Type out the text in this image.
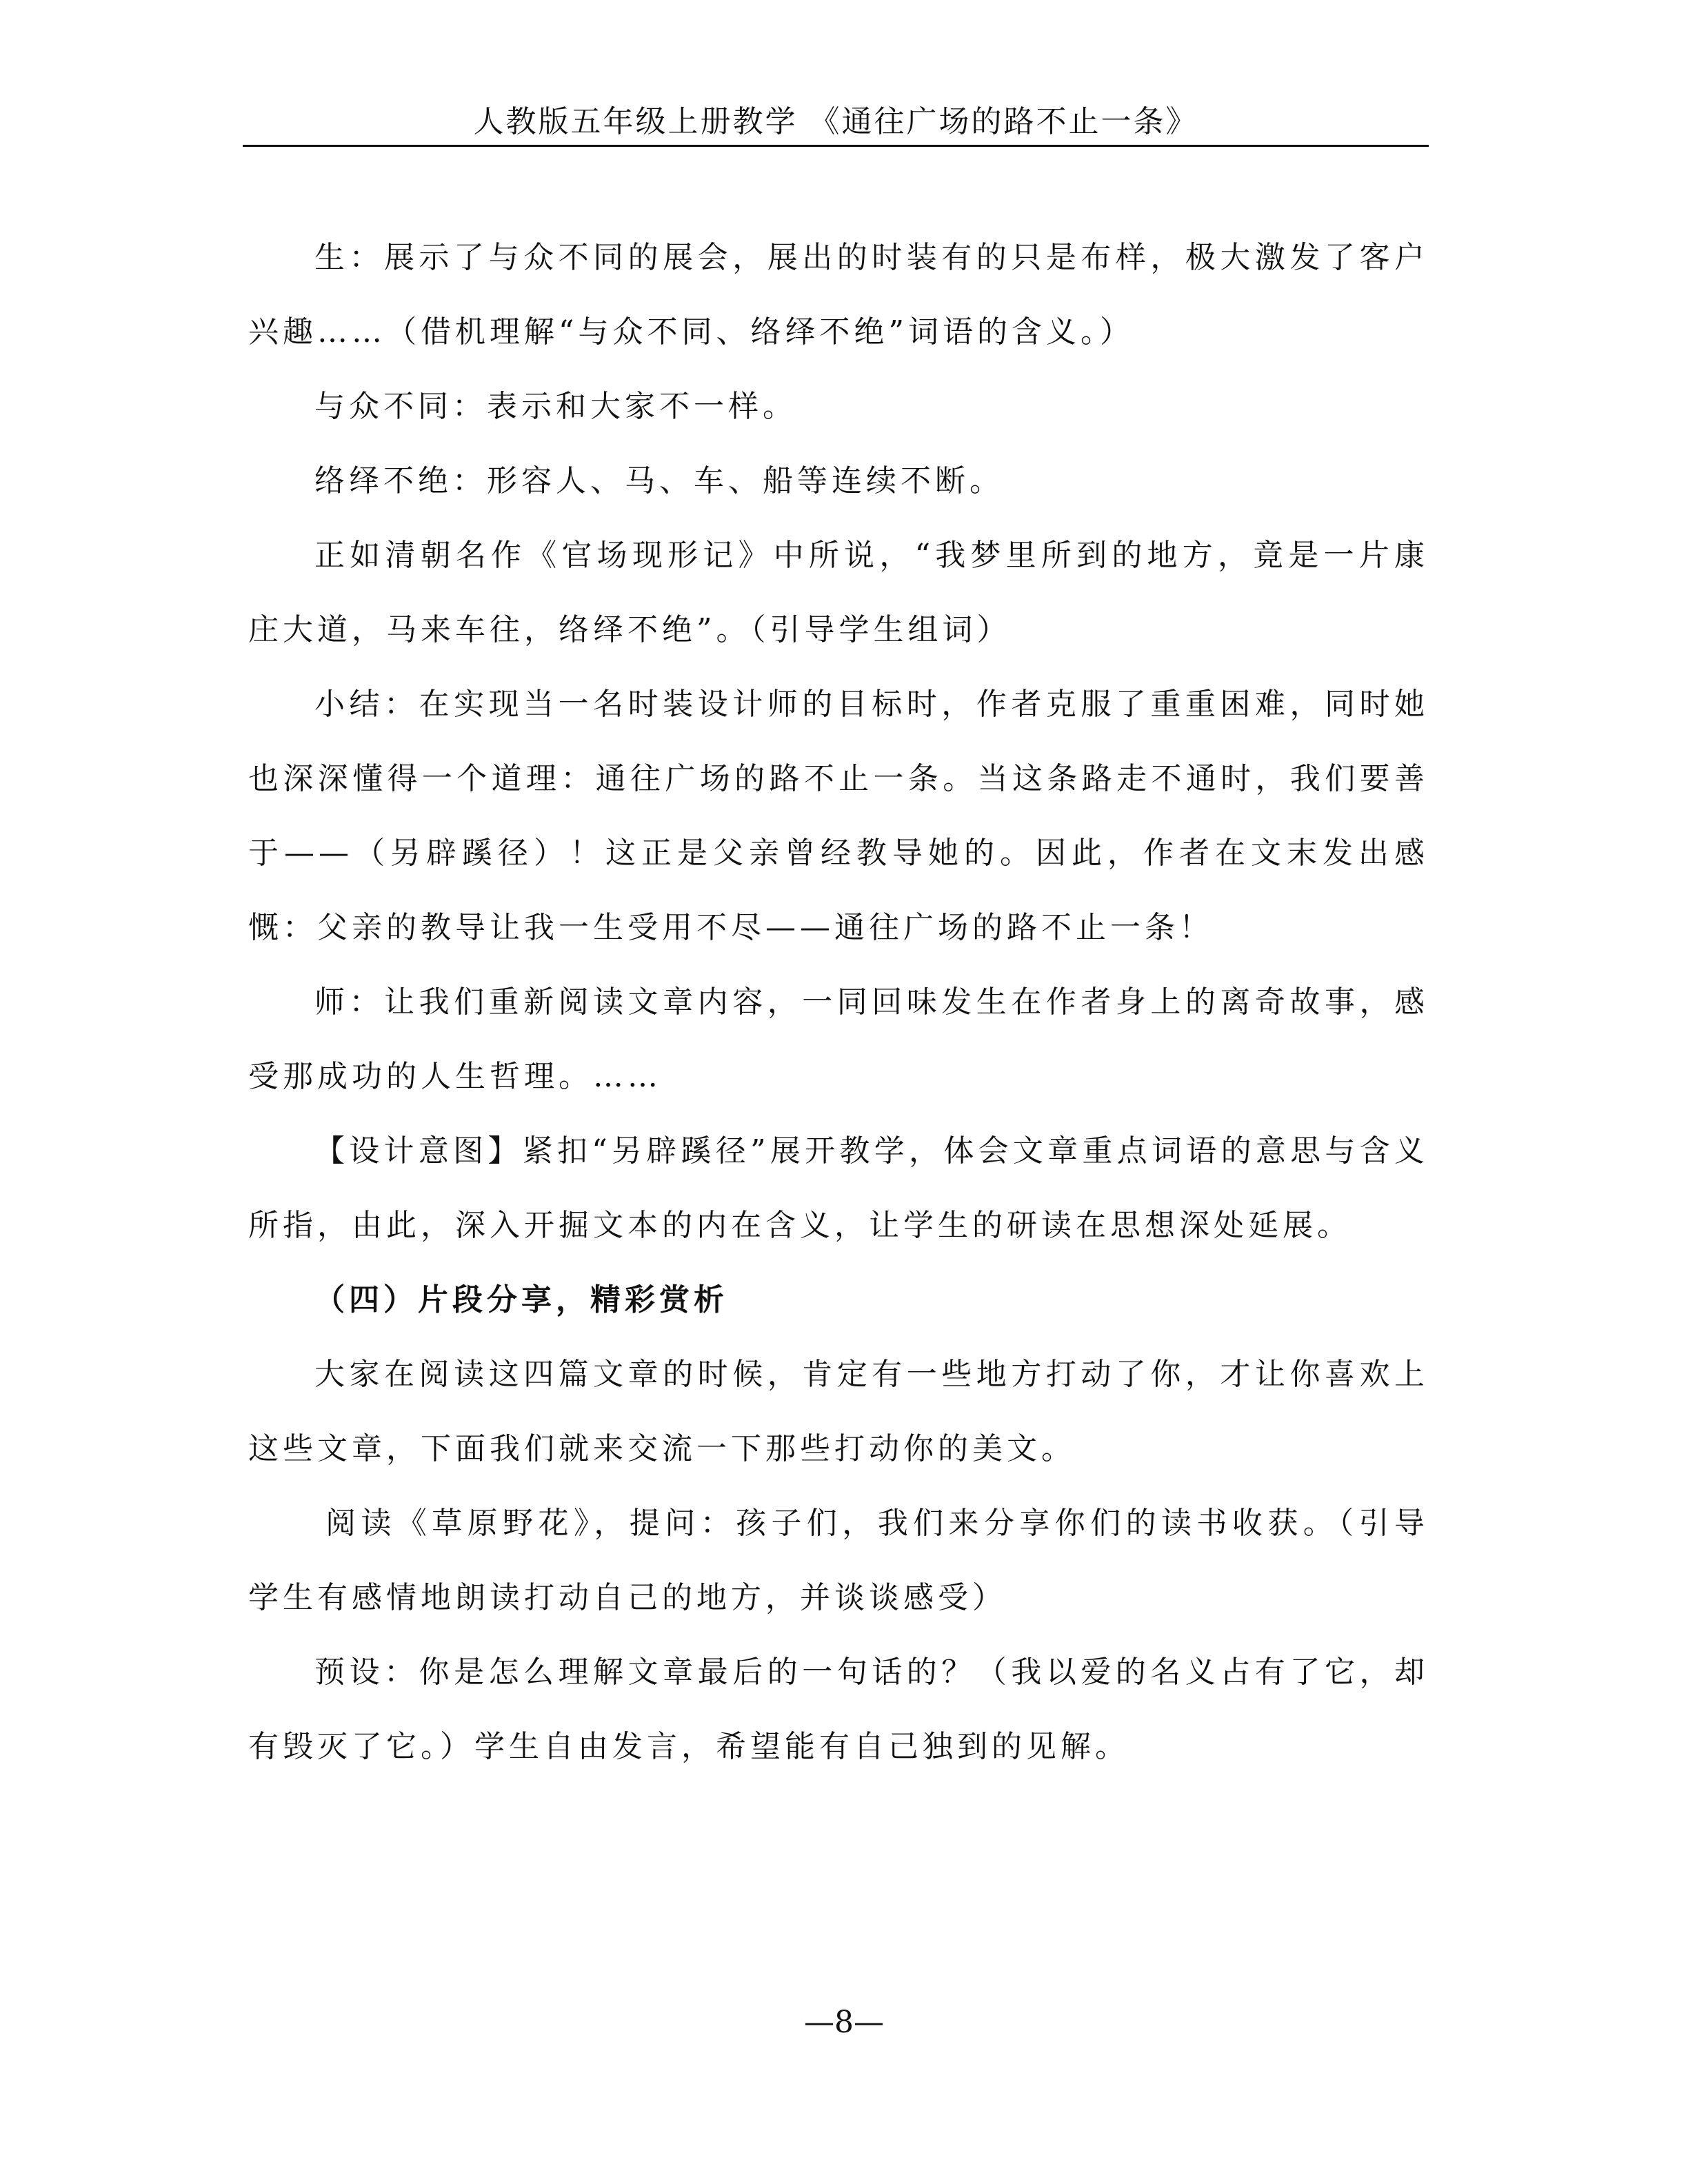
人教版五年级上册教学 《通往广场的路不止一条》

生：展示了与众不同的展会，展出的时装有的只是布样，极大激发了客户兴趣……（借机理解“与众不同、络绎不绝”词语的含义。）

与众不同：表示和大家不一样。

络绎不绝：形容人、马、车、船等连续不断。

正如清朝名作《官场现形记》中所说，“我梦里所到的地方，竟是一片康庄大道，马来车往，络绎不绝”。（引导学生组词）

小结：在实现当一名时装设计师的目标时，作者克服了重重困难，同时她也深深懂得一个道理：通往广场的路不止一条。当这条路走不通时，我们要善于——（另辟蹊径）！这正是父亲曾经教导她的。因此，作者在文末发出感慨：父亲的教导让我一生受用不尽——通往广场的路不止一条！

师：让我们重新阅读文章内容，一同回味发生在作者身上的离奇故事，感受那成功的人生哲理。……

【设计意图】紧扣“另辟蹊径”展开教学，体会文章重点词语的意思与含义所指，由此，深入开掘文本的内在含义，让学生的研读在思想深处延展。

（四）片段分享，精彩赏析

大家在阅读这四篇文章的时候，肯定有一些地方打动了你，才让你喜欢上这些文章，下面我们就来交流一下那些打动你的美文。

阅读《草原野花》，提问：孩子们，我们来分享你们的读书收获。（引导学生有感情地朗读打动自己的地方，并谈谈感受）

预设：你是怎么理解文章最后的一句话的？（我以爱的名义占有了它，却有毁灭了它。）学生自由发言，希望能有自己独到的见解。

—8—
